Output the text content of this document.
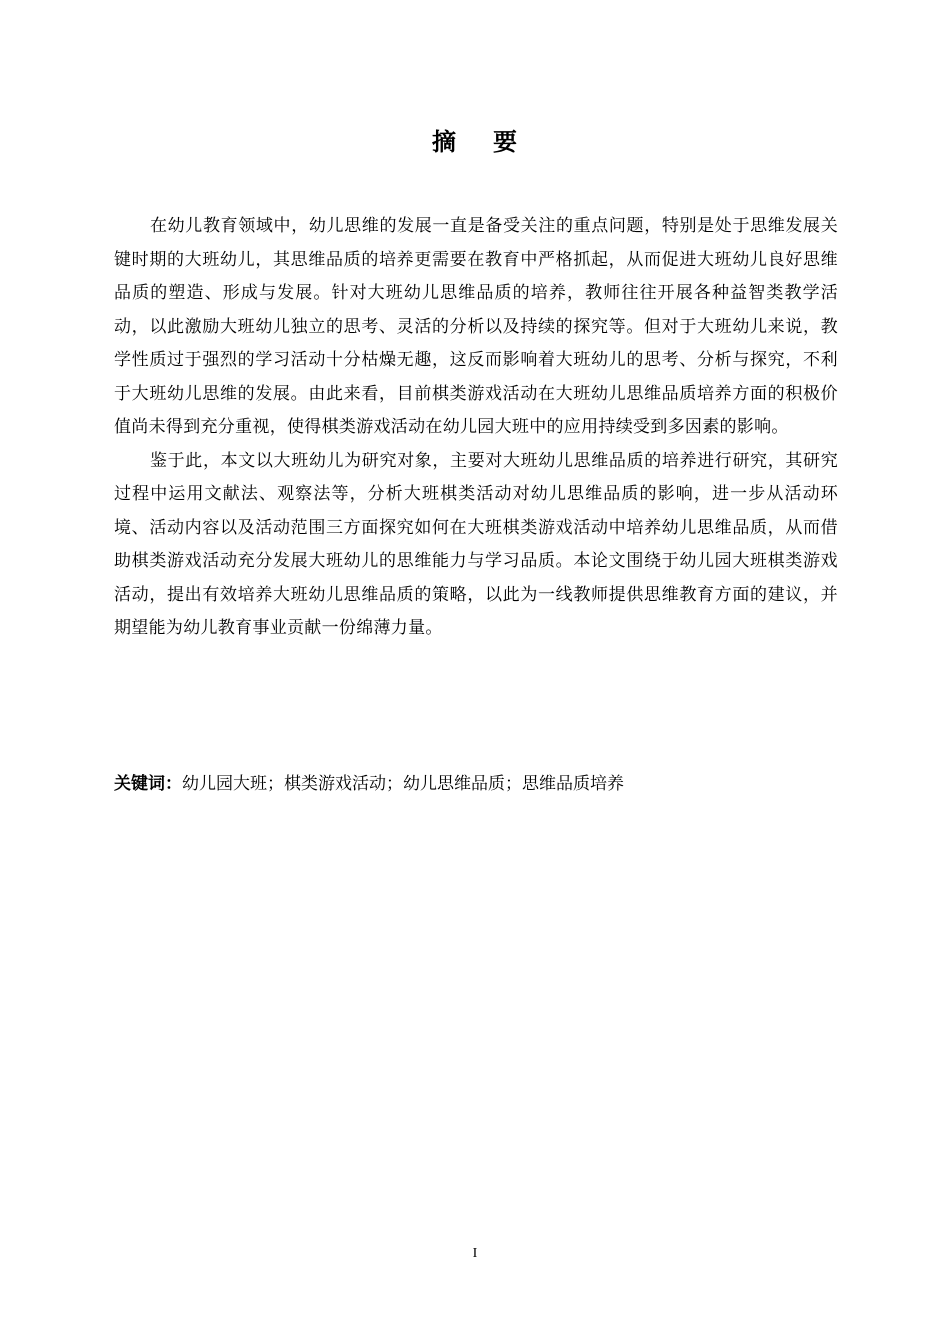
摘 要

在幼儿教育领域中，幼儿思维的发展一直是备受关注的重点问题，特别是处于思维发展关键时期的大班幼儿，其思维品质的培养更需要在教育中严格抓起，从而促进大班幼儿良好思维品质的塑造、形成与发展。针对大班幼儿思维品质的培养，教师往往开展各种益智类教学活动，以此激励大班幼儿独立的思考、灵活的分析以及持续的探究等。但对于大班幼儿来说，教学性质过于强烈的学习活动十分枯燥无趣，这反而影响着大班幼儿的思考、分析与探究，不利于大班幼儿思维的发展。由此来看，目前棋类游戏活动在大班幼儿思维品质培养方面的积极价值尚未得到充分重视，使得棋类游戏活动在幼儿园大班中的应用持续受到多因素的影响。

鉴于此，本文以大班幼儿为研究对象，主要对大班幼儿思维品质的培养进行研究，其研究过程中运用文献法、观察法等，分析大班棋类活动对幼儿思维品质的影响，进一步从活动环境、活动内容以及活动范围三方面探究如何在大班棋类游戏活动中培养幼儿思维品质，从而借助棋类游戏活动充分发展大班幼儿的思维能力与学习品质。本论文围绕于幼儿园大班棋类游戏活动，提出有效培养大班幼儿思维品质的策略，以此为一线教师提供思维教育方面的建议，并期望能为幼儿教育事业贡献一份绵薄力量。

关键词：幼儿园大班；棋类游戏活动；幼儿思维品质；思维品质培养

I
